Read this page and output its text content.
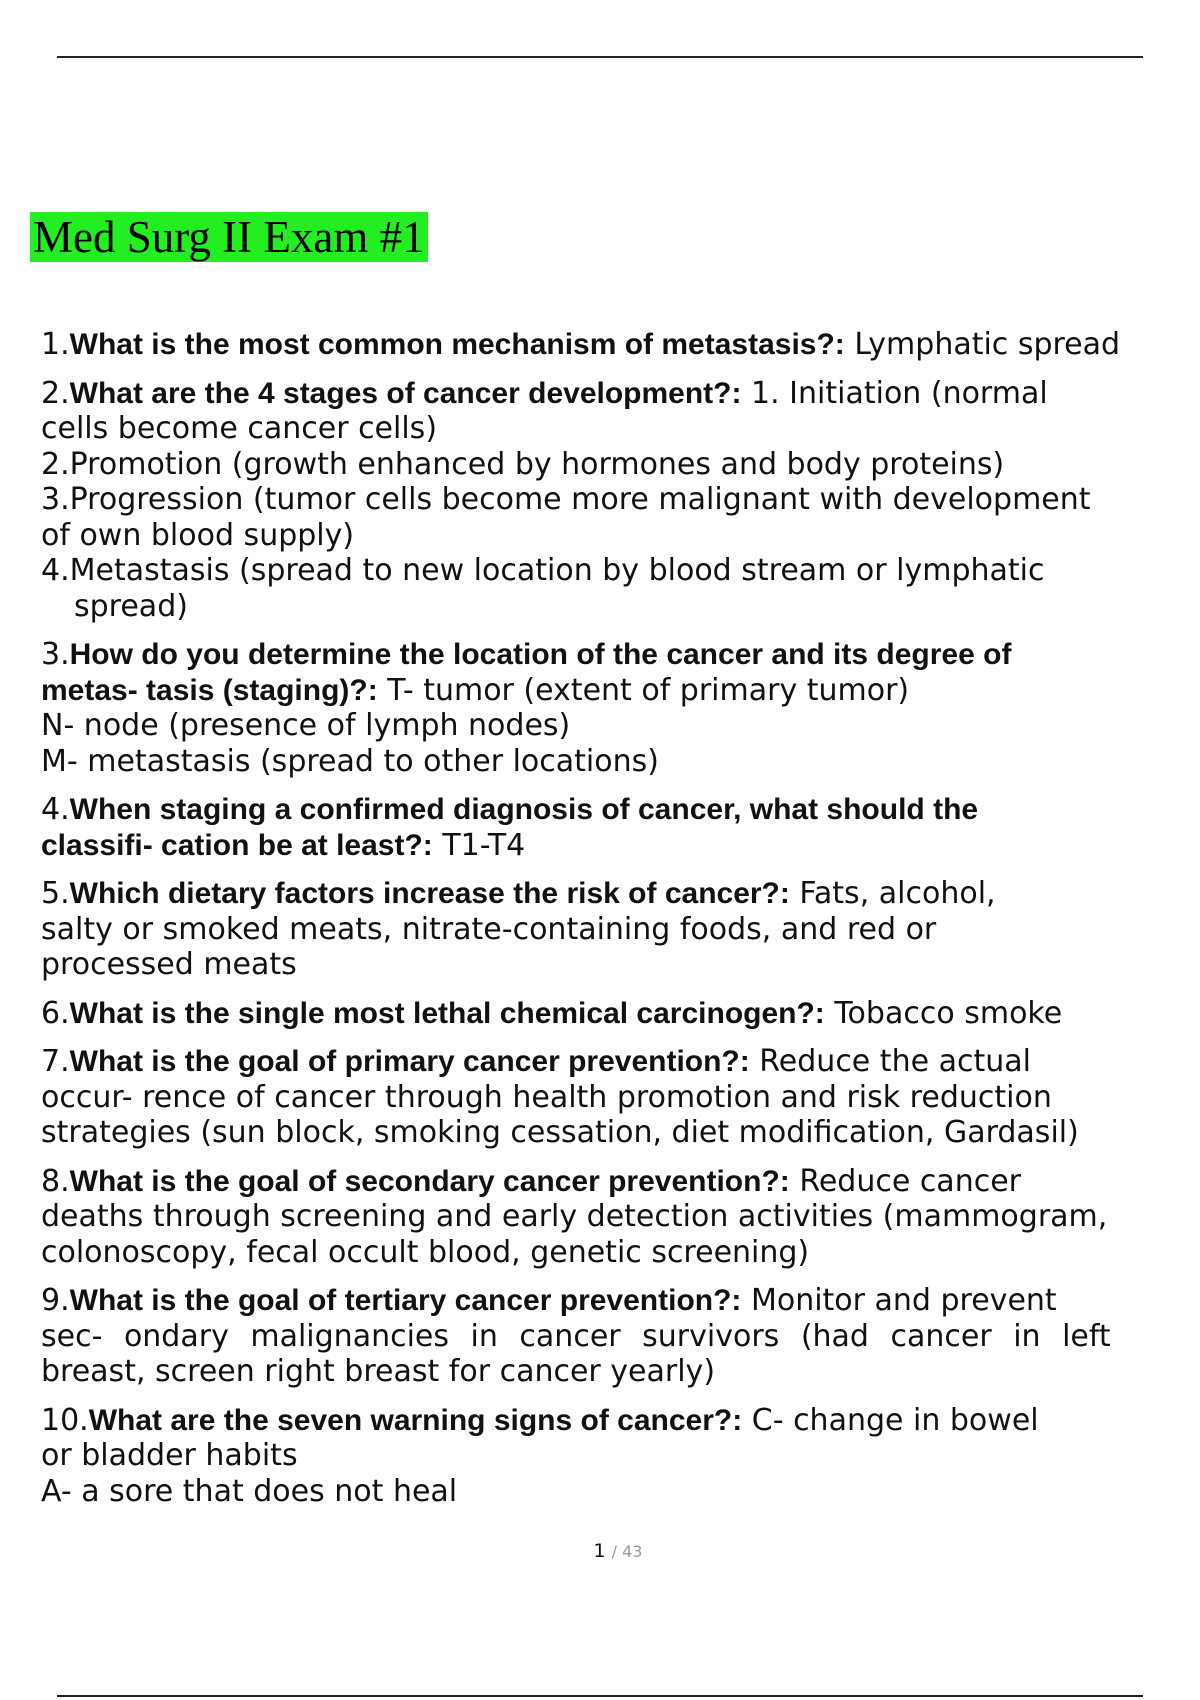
Med Surg II Exam #1
1.What is the most common mechanism of metastasis?: Lymphatic spread
2.What are the 4 stages of cancer development?: 1. Initiation (normal
cells become cancer cells)
2.Promotion (growth enhanced by hormones and body proteins)
3.Progression (tumor cells become more malignant with development
of own blood supply)
4.Metastasis (spread to new location by blood stream or lymphatic
spread)
3.How do you determine the location of the cancer and its degree of
metas- tasis (staging)?: T- tumor (extent of primary tumor)
N- node (presence of lymph nodes)
M- metastasis (spread to other locations)
4.When staging a confirmed diagnosis of cancer, what should the
classifi- cation be at least?: T1-T4
5.Which dietary factors increase the risk of cancer?: Fats, alcohol,
salty or smoked meats, nitrate-containing foods, and red or
processed meats
6.What is the single most lethal chemical carcinogen?: Tobacco smoke
7.What is the goal of primary cancer prevention?: Reduce the actual
occur- rence of cancer through health promotion and risk reduction
strategies (sun block, smoking cessation, diet modification, Gardasil)
8.What is the goal of secondary cancer prevention?: Reduce cancer
deaths through screening and early detection activities (mammogram,
colonoscopy, fecal occult blood, genetic screening)
9.What is the goal of tertiary cancer prevention?: Monitor and prevent
sec- ondary malignancies in cancer survivors (had cancer in left
breast, screen right breast for cancer yearly)
10.What are the seven warning signs of cancer?: C- change in bowel
or bladder habits
A- a sore that does not heal
1 / 43
